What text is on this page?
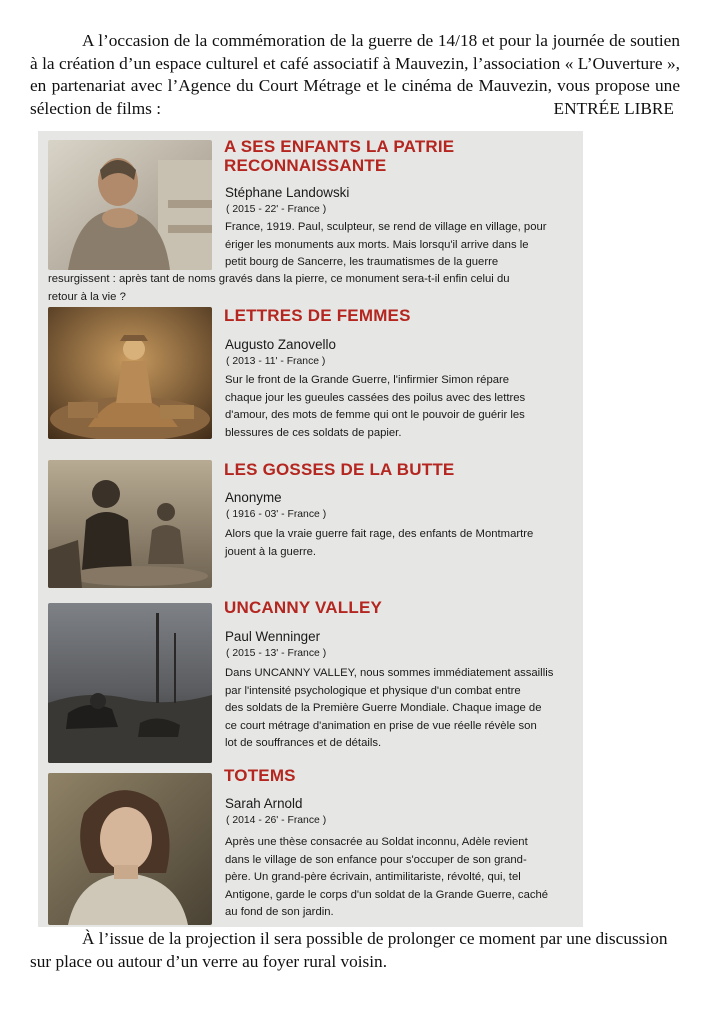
A l’occasion de la commémoration de la guerre de 14/18 et pour la journée de soutien à la création d’un espace culturel et café associatif à Mauvezin, l’association « L’Ouverture », en partenariat avec l’Agence du Court Métrage et le cinéma de Mauvezin, vous propose une sélection de films :	ENTRÉE LIBRE

A SES ENFANTS LA PATRIE
RECONNAISSANTE

Stéphane Landowski

( 2015 - 22' - France )

France, 1919. Paul, sculpteur, se rend de village en village, pour
ériger les monuments aux morts. Mais lorsqu'il arrive dans le
petit bourg de Sancerre, les traumatismes de la guerre
resurgissent : après tant de noms gravés dans la pierre, ce monument sera-t-il enfin celui du
retour à la vie ?

LETTRES DE FEMMES

Augusto Zanovello

( 2013 - 11' - France )

Sur le front de la Grande Guerre, l'infirmier Simon répare
chaque jour les gueules cassées des poilus avec des lettres
d'amour, des mots de femme qui ont le pouvoir de guérir les
blessures de ces soldats de papier.

LES GOSSES DE LA BUTTE

Anonyme

( 1916 - 03' - France )

Alors que la vraie guerre fait rage, des enfants de Montmartre
jouent à la guerre.

UNCANNY VALLEY

Paul Wenninger

( 2015 - 13' - France )

Dans UNCANNY VALLEY, nous sommes immédiatement assaillis
par l'intensité psychologique et physique d'un combat entre
des soldats de la Première Guerre Mondiale. Chaque image de
ce court métrage d'animation en prise de vue réelle révèle son
lot de souffrances et de détails.

TOTEMS

Sarah Arnold

( 2014 - 26' - France )

Après une thèse consacrée au Soldat inconnu, Adèle revient
dans le village de son enfance pour s'occuper de son grand-
père. Un grand-père écrivain, antimilitariste, révolté, qui, tel
Antigone, garde le corps d'un soldat de la Grande Guerre, caché
au fond de son jardin.

À l’issue de la projection il sera possible de prolonger ce moment par une discussion sur place ou autour d’un verre au foyer rural voisin.
